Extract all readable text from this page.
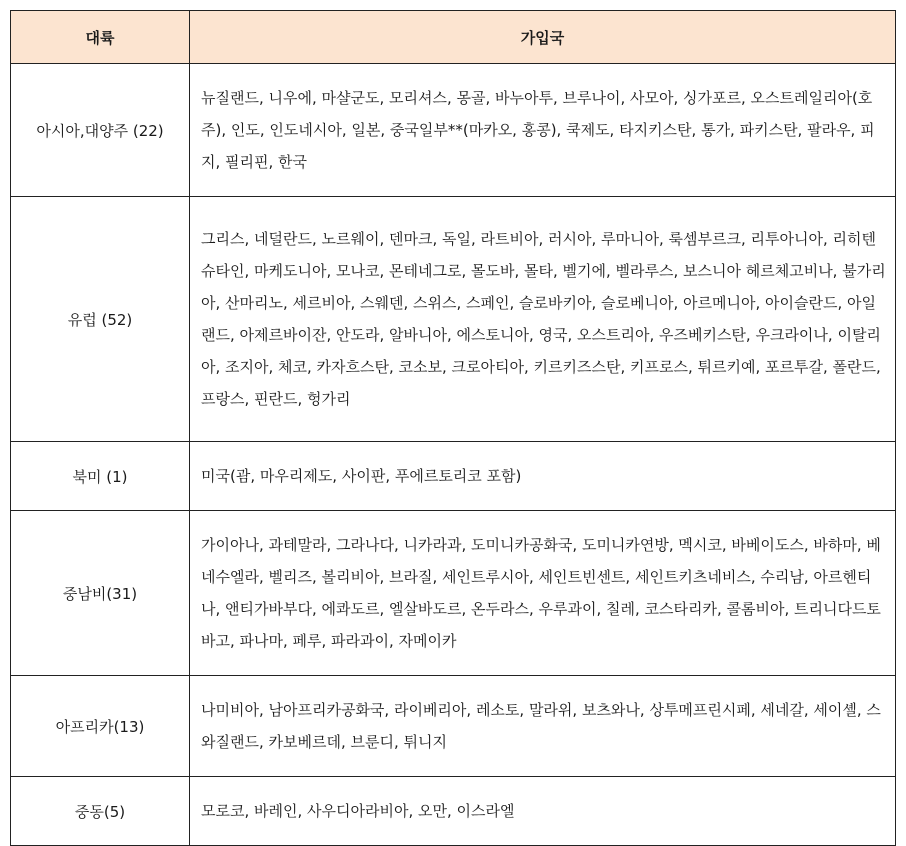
대륙	가입국
아시아,대양주 (22)	뉴질랜드, 니우에, 마샬군도, 모리셔스, 몽골, 바누아투, 브루나이, 사모아, 싱가포르, 오스트레일리아(호주), 인도, 인도네시아, 일본, 중국일부**(마카오, 홍콩), 쿡제도, 타지키스탄, 통가, 파키스탄, 팔라우, 피지, 필리핀, 한국
유럽 (52)	그리스, 네덜란드, 노르웨이, 덴마크, 독일, 라트비아, 러시아, 루마니아, 룩셈부르크, 리투아니아, 리히텐슈타인, 마케도니아, 모나코, 몬테네그로, 몰도바, 몰타, 벨기에, 벨라루스, 보스니아 헤르체고비나, 불가리아, 산마리노, 세르비아, 스웨덴, 스위스, 스페인, 슬로바키아, 슬로베니아, 아르메니아, 아이슬란드, 아일랜드, 아제르바이잔, 안도라, 알바니아, 에스토니아, 영국, 오스트리아, 우즈베키스탄, 우크라이나, 이탈리아, 조지아, 체코, 카자흐스탄, 코소보, 크로아티아, 키르키즈스탄, 키프로스, 튀르키예, 포르투갈, 폴란드, 프랑스, 핀란드, 헝가리
북미 (1)	미국(괌, 마우리제도, 사이판, 푸에르토리코 포함)
중남비(31)	가이아나, 과테말라, 그라나다, 니카라과, 도미니카공화국, 도미니카연방, 멕시코, 바베이도스, 바하마, 베네수엘라, 벨리즈, 볼리비아, 브라질, 세인트루시아, 세인트빈센트, 세인트키츠네비스, 수리남, 아르헨티나, 앤티가바부다, 에콰도르, 엘살바도르, 온두라스, 우루과이, 칠레, 코스타리카, 콜롬비아, 트리니다드토바고, 파나마, 페루, 파라과이, 자메이카
아프리카(13)	나미비아, 남아프리카공화국, 라이베리아, 레소토, 말라위, 보츠와나, 상투메프린시페, 세네갈, 세이셸, 스와질랜드, 카보베르데, 브룬디, 튀니지
중동(5)	모로코, 바레인, 사우디아라비아, 오만, 이스라엘
